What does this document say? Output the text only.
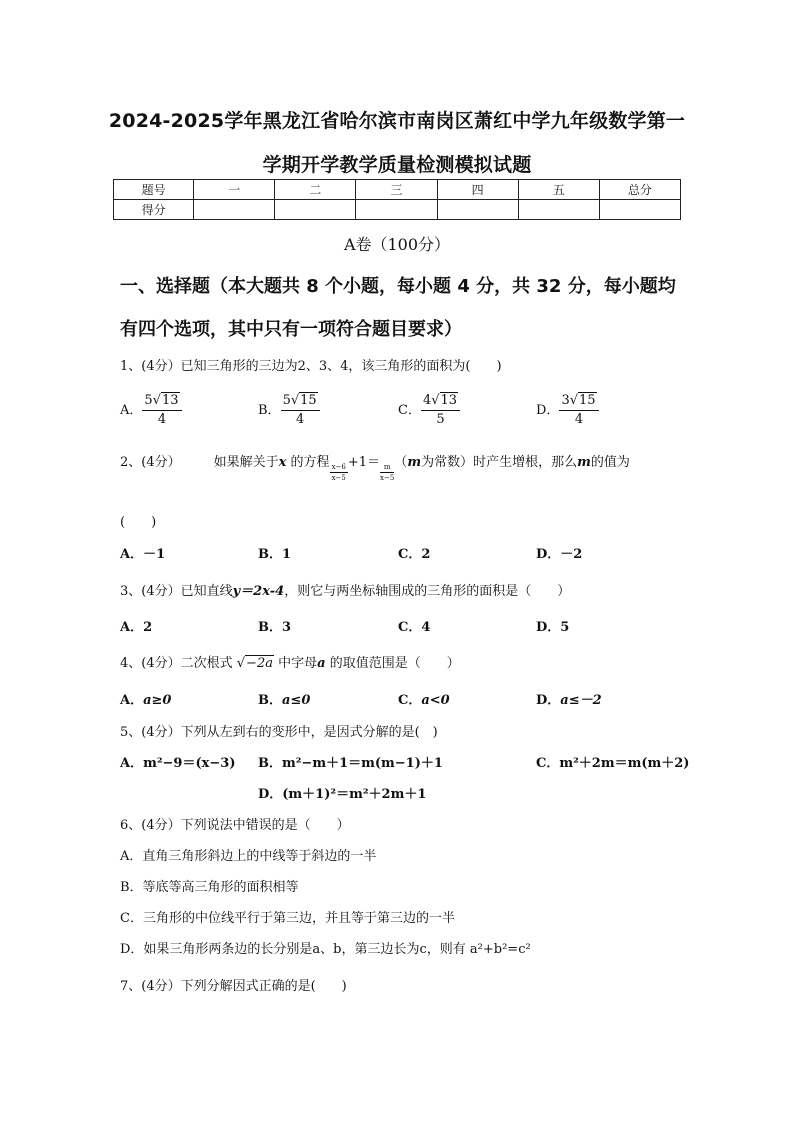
2024-2025学年黑龙江省哈尔滨市南岗区萧红中学九年级数学第一
学期开学教学质量检测模拟试题
题号	一	二	三	四	五	总分
得分						
A卷（100分）
一、选择题（本大题共 8 个小题，每小题 4 分，共 32 分，每小题均
有四个选项，其中只有一项符合题目要求）
1、(4分）已知三角形的三边为2、3、4，该三角形的面积为(　　)
A． $\frac{5√13}{4}$	B． $\frac{5√15}{4}$	C． $\frac{4√13}{5}$	D． $\frac{3√15}{4}$
2、(4分）	如果解关于x 的方程 $\frac{x-6}{x-5} +1= \frac{m}{x-5} (m$为常数）时产生增根，那么m的值为
(　　)
A．－1	B．1	C．2	D．－2
3、(4分）已知直线y＝2x-4，则它与两坐标轴围成的三角形的面积是（　　）
A．2	B．3	C．4	D．5
4、(4分）二次根式 √−2a 中字母a 的取值范围是（　　）
A．a≥0	B．a≤0	C．a<0	D．a≤－2
5、(4分）下列从左到右的变形中，是因式分解的是(　)
A．m²−9＝(x−3) B．m²−m＋1＝m(m−1)＋1	C．m²＋2m＝m(m＋2)
D．(m＋1)²＝m²＋2m＋1
6、(4分）下列说法中错误的是（　　）
A．直角三角形斜边上的中线等于斜边的一半
B．等底等高三角形的面积相等
C．三角形的中位线平行于第三边，并且等于第三边的一半
D．如果三角形两条边的长分别是a、b，第三边长为c，则有 a²+b²=c²
7、(4分）下列分解因式正确的是(　　)
